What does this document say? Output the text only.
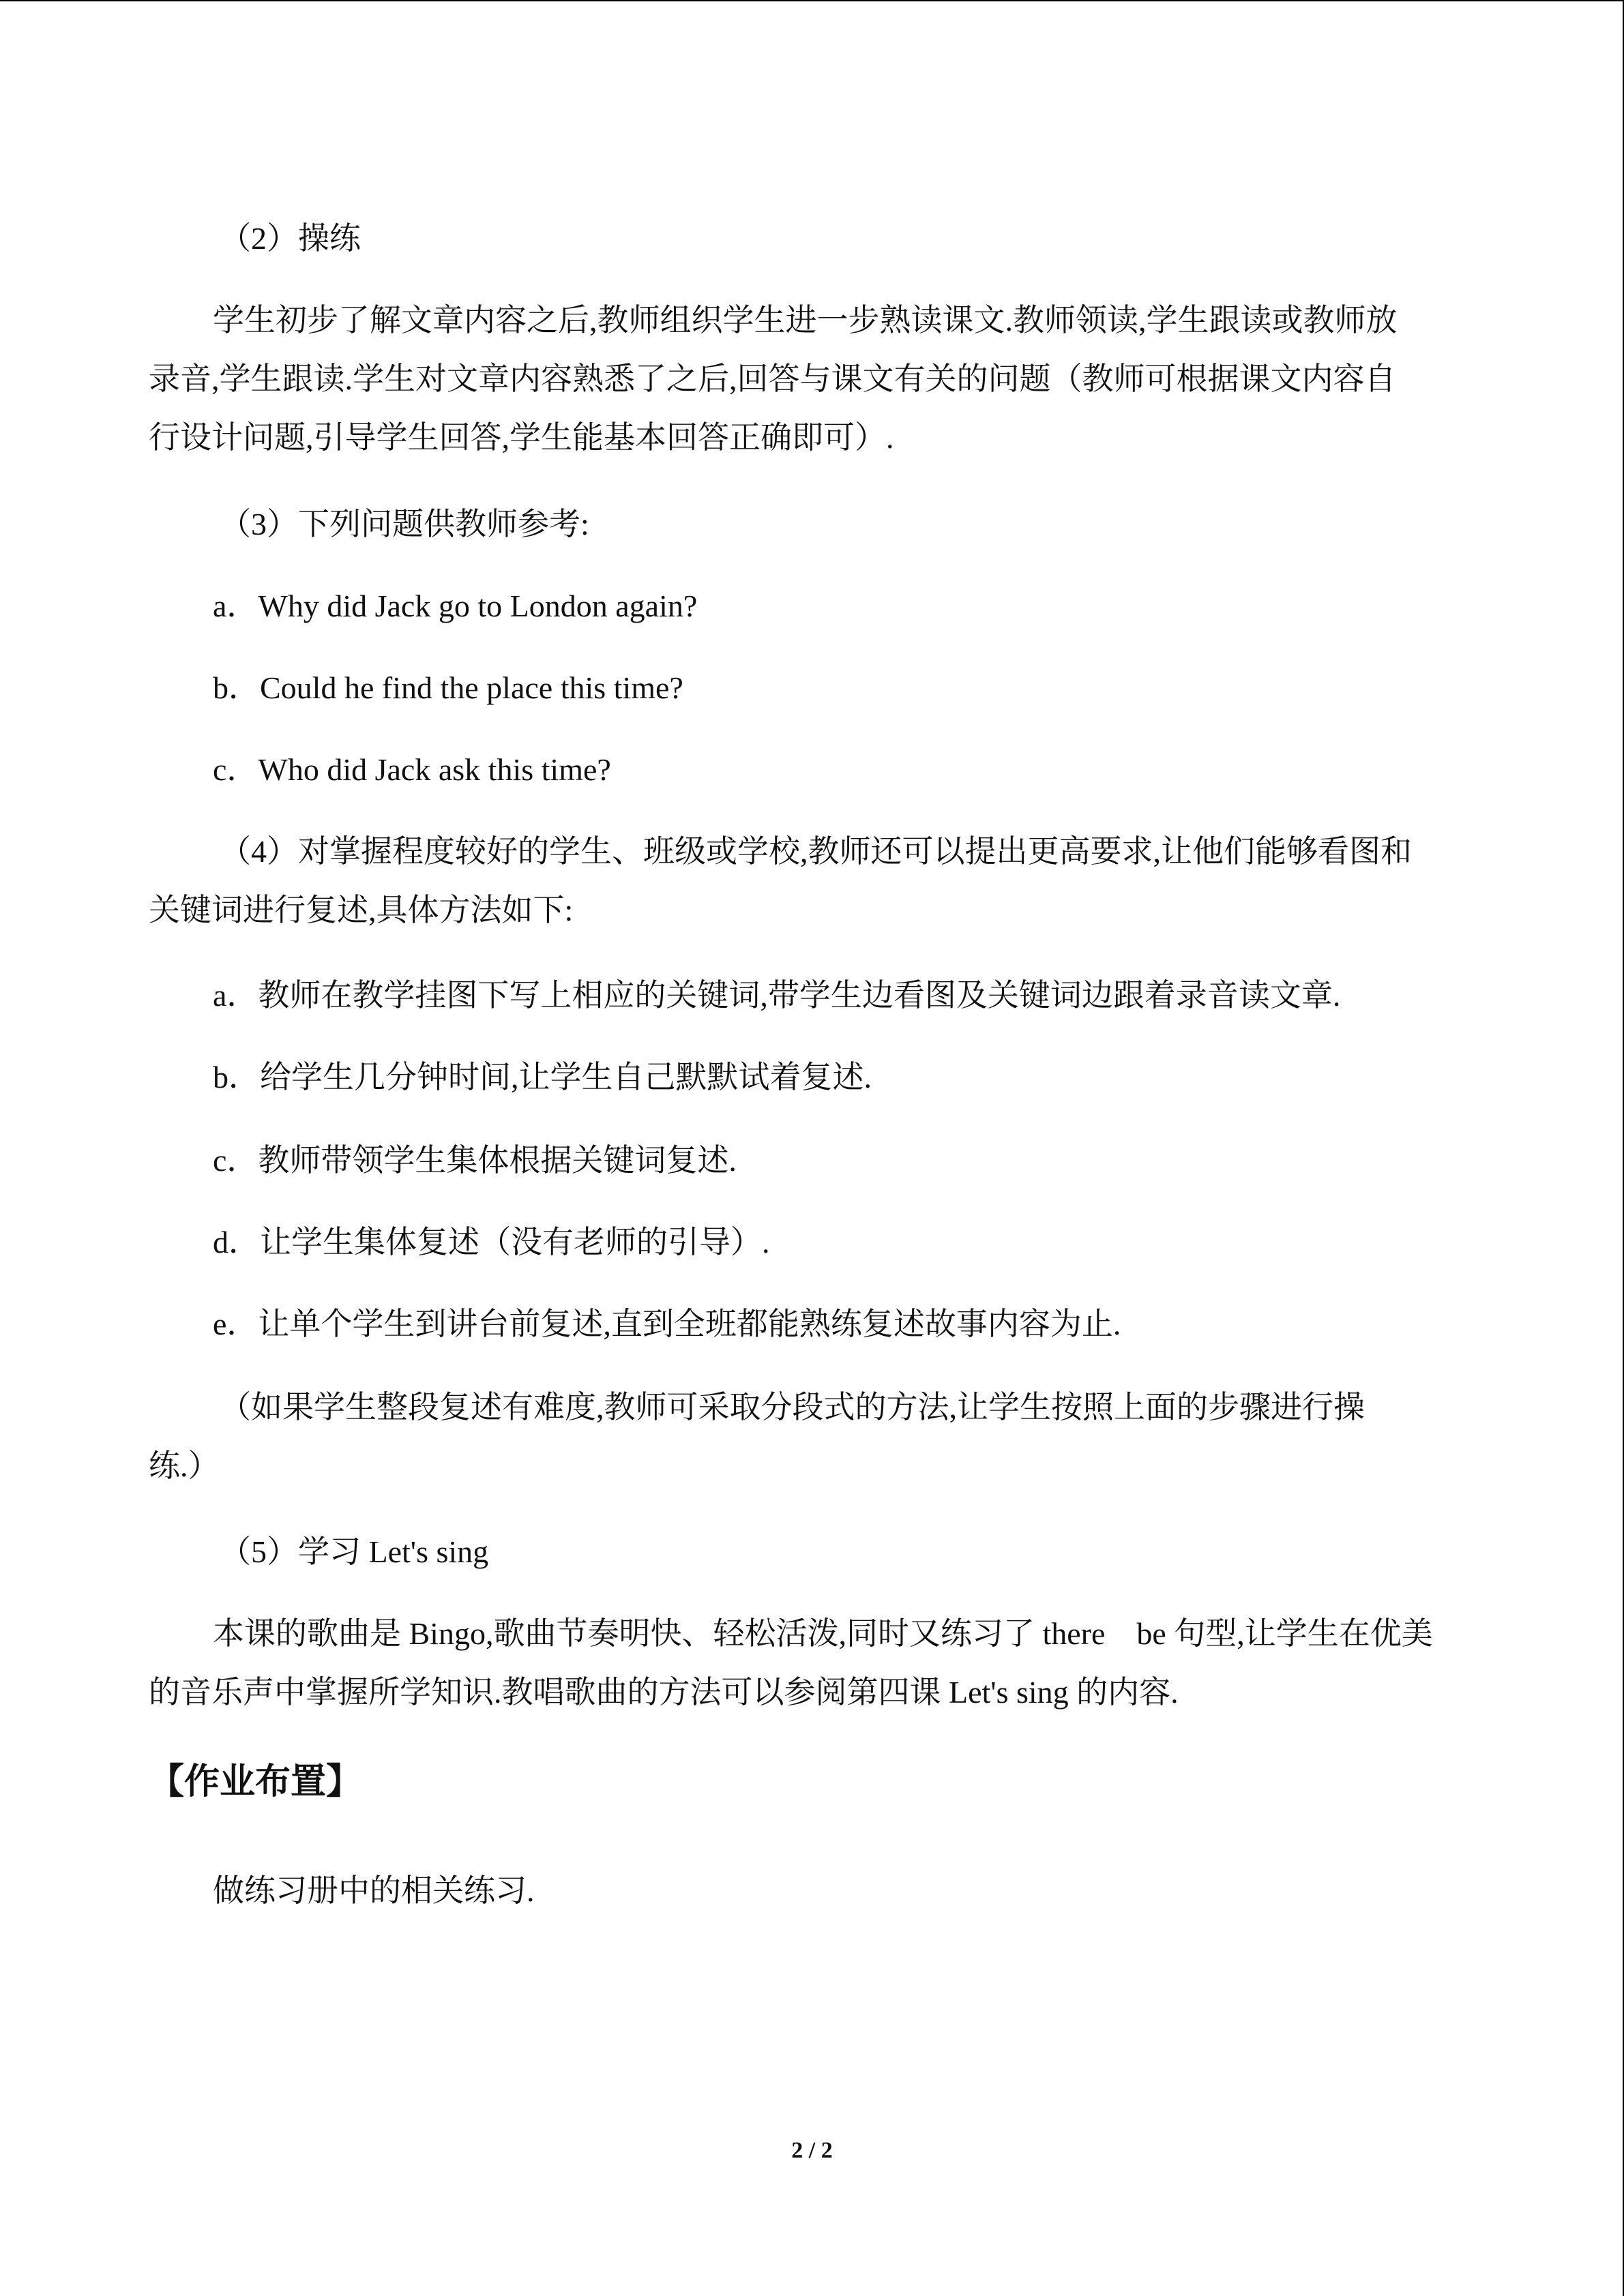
（2）操练
学生初步了解文章内容之后,教师组织学生进一步熟读课文.教师领读,学生跟读或教师放
录音,学生跟读.学生对文章内容熟悉了之后,回答与课文有关的问题（教师可根据课文内容自
行设计问题,引导学生回答,学生能基本回答正确即可）.
（3）下列问题供教师参考:
a．Why did Jack go to London again?
b．Could he find the place this time?
c．Who did Jack ask this time?
（4）对掌握程度较好的学生、班级或学校,教师还可以提出更高要求,让他们能够看图和
关键词进行复述,具体方法如下:
a．教师在教学挂图下写上相应的关键词,带学生边看图及关键词边跟着录音读文章.
b．给学生几分钟时间,让学生自己默默试着复述.
c．教师带领学生集体根据关键词复述.
d．让学生集体复述（没有老师的引导）.
e．让单个学生到讲台前复述,直到全班都能熟练复述故事内容为止.
（如果学生整段复述有难度,教师可采取分段式的方法,让学生按照上面的步骤进行操
练.）
（5）学习 Let's sing
本课的歌曲是 Bingo,歌曲节奏明快、轻松活泼,同时又练习了 there　be 句型,让学生在优美
的音乐声中掌握所学知识.教唱歌曲的方法可以参阅第四课 Let's sing 的内容.
【作业布置】
做练习册中的相关练习.
2 / 2
